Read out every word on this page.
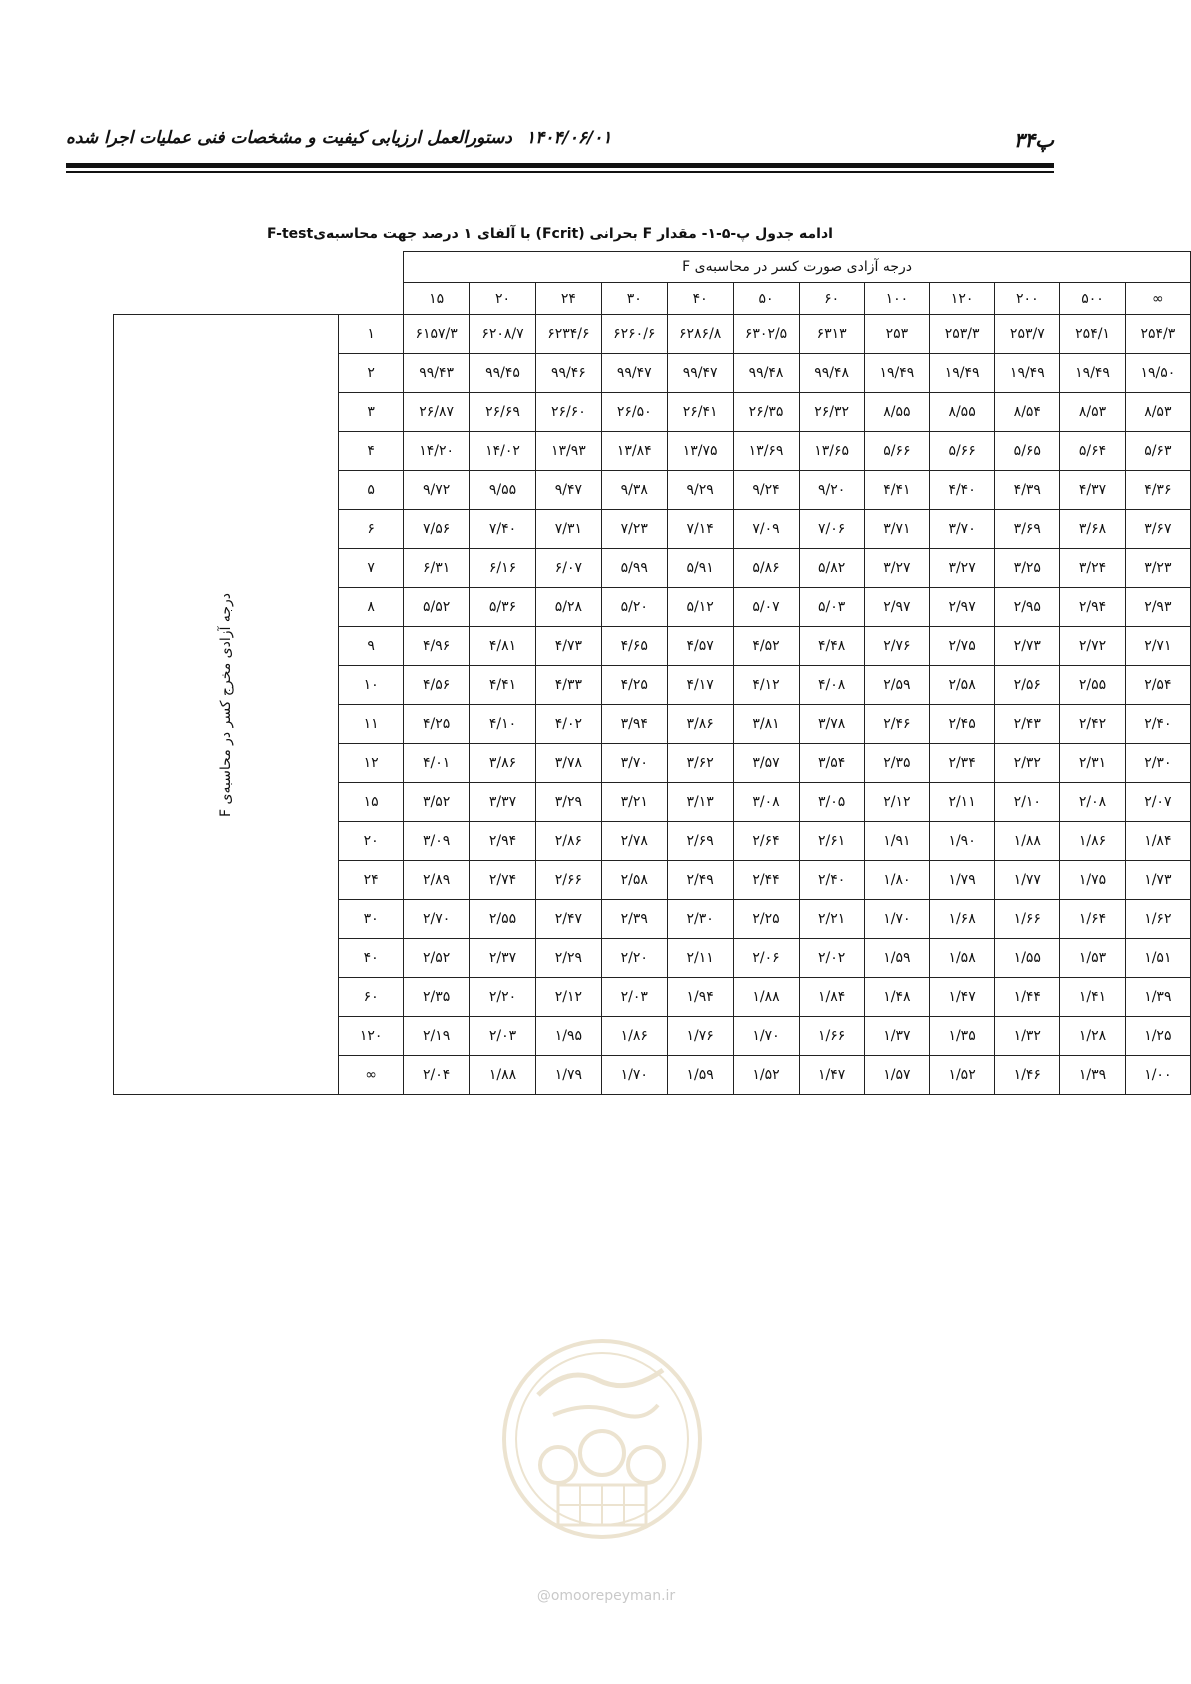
پ۳۴
۱۴۰۴/۰۶/۰۱
دستورالعمل ارزیابی کیفیت و مشخصات فنی عملیات اجرا شده
ادامه جدول پ-۵-۱- مقدار F بحرانی (Fcrit) با آلفای ۱ درصد جهت محاسبه‌یF-test
		درجه آزادی صورت کسر در محاسبه‌ی F											
		۱۵	۲۰	۲۴	۳۰	۴۰	۵۰	۶۰	۱۰۰	۱۲۰	۲۰۰	۵۰۰	∞
درجه آزادی مخرج کسر در محاسبه‌ی F	۱	۶۱۵۷/۳	۶۲۰۸/۷	۶۲۳۴/۶	۶۲۶۰/۶	۶۲۸۶/۸	۶۳۰۲/۵	۶۳۱۳	۲۵۳	۲۵۳/۳	۲۵۳/۷	۲۵۴/۱	۲۵۴/۳
	۲	۹۹/۴۳	۹۹/۴۵	۹۹/۴۶	۹۹/۴۷	۹۹/۴۷	۹۹/۴۸	۹۹/۴۸	۱۹/۴۹	۱۹/۴۹	۱۹/۴۹	۱۹/۴۹	۱۹/۵۰
	۳	۲۶/۸۷	۲۶/۶۹	۲۶/۶۰	۲۶/۵۰	۲۶/۴۱	۲۶/۳۵	۲۶/۳۲	۸/۵۵	۸/۵۵	۸/۵۴	۸/۵۳	۸/۵۳
	۴	۱۴/۲۰	۱۴/۰۲	۱۳/۹۳	۱۳/۸۴	۱۳/۷۵	۱۳/۶۹	۱۳/۶۵	۵/۶۶	۵/۶۶	۵/۶۵	۵/۶۴	۵/۶۳
	۵	۹/۷۲	۹/۵۵	۹/۴۷	۹/۳۸	۹/۲۹	۹/۲۴	۹/۲۰	۴/۴۱	۴/۴۰	۴/۳۹	۴/۳۷	۴/۳۶
	۶	۷/۵۶	۷/۴۰	۷/۳۱	۷/۲۳	۷/۱۴	۷/۰۹	۷/۰۶	۳/۷۱	۳/۷۰	۳/۶۹	۳/۶۸	۳/۶۷
	۷	۶/۳۱	۶/۱۶	۶/۰۷	۵/۹۹	۵/۹۱	۵/۸۶	۵/۸۲	۳/۲۷	۳/۲۷	۳/۲۵	۳/۲۴	۳/۲۳
	۸	۵/۵۲	۵/۳۶	۵/۲۸	۵/۲۰	۵/۱۲	۵/۰۷	۵/۰۳	۲/۹۷	۲/۹۷	۲/۹۵	۲/۹۴	۲/۹۳
	۹	۴/۹۶	۴/۸۱	۴/۷۳	۴/۶۵	۴/۵۷	۴/۵۲	۴/۴۸	۲/۷۶	۲/۷۵	۲/۷۳	۲/۷۲	۲/۷۱
	۱۰	۴/۵۶	۴/۴۱	۴/۳۳	۴/۲۵	۴/۱۷	۴/۱۲	۴/۰۸	۲/۵۹	۲/۵۸	۲/۵۶	۲/۵۵	۲/۵۴
	۱۱	۴/۲۵	۴/۱۰	۴/۰۲	۳/۹۴	۳/۸۶	۳/۸۱	۳/۷۸	۲/۴۶	۲/۴۵	۲/۴۳	۲/۴۲	۲/۴۰
	۱۲	۴/۰۱	۳/۸۶	۳/۷۸	۳/۷۰	۳/۶۲	۳/۵۷	۳/۵۴	۲/۳۵	۲/۳۴	۲/۳۲	۲/۳۱	۲/۳۰
	۱۵	۳/۵۲	۳/۳۷	۳/۲۹	۳/۲۱	۳/۱۳	۳/۰۸	۳/۰۵	۲/۱۲	۲/۱۱	۲/۱۰	۲/۰۸	۲/۰۷
	۲۰	۳/۰۹	۲/۹۴	۲/۸۶	۲/۷۸	۲/۶۹	۲/۶۴	۲/۶۱	۱/۹۱	۱/۹۰	۱/۸۸	۱/۸۶	۱/۸۴
	۲۴	۲/۸۹	۲/۷۴	۲/۶۶	۲/۵۸	۲/۴۹	۲/۴۴	۲/۴۰	۱/۸۰	۱/۷۹	۱/۷۷	۱/۷۵	۱/۷۳
	۳۰	۲/۷۰	۲/۵۵	۲/۴۷	۲/۳۹	۲/۳۰	۲/۲۵	۲/۲۱	۱/۷۰	۱/۶۸	۱/۶۶	۱/۶۴	۱/۶۲
	۴۰	۲/۵۲	۲/۳۷	۲/۲۹	۲/۲۰	۲/۱۱	۲/۰۶	۲/۰۲	۱/۵۹	۱/۵۸	۱/۵۵	۱/۵۳	۱/۵۱
	۶۰	۲/۳۵	۲/۲۰	۲/۱۲	۲/۰۳	۱/۹۴	۱/۸۸	۱/۸۴	۱/۴۸	۱/۴۷	۱/۴۴	۱/۴۱	۱/۳۹
	۱۲۰	۲/۱۹	۲/۰۳	۱/۹۵	۱/۸۶	۱/۷۶	۱/۷۰	۱/۶۶	۱/۳۷	۱/۳۵	۱/۳۲	۱/۲۸	۱/۲۵
	∞	۲/۰۴	۱/۸۸	۱/۷۹	۱/۷۰	۱/۵۹	۱/۵۲	۱/۴۷	۱/۵۷	۱/۵۲	۱/۴۶	۱/۳۹	۱/۰۰
@omoorepeyman.ir
